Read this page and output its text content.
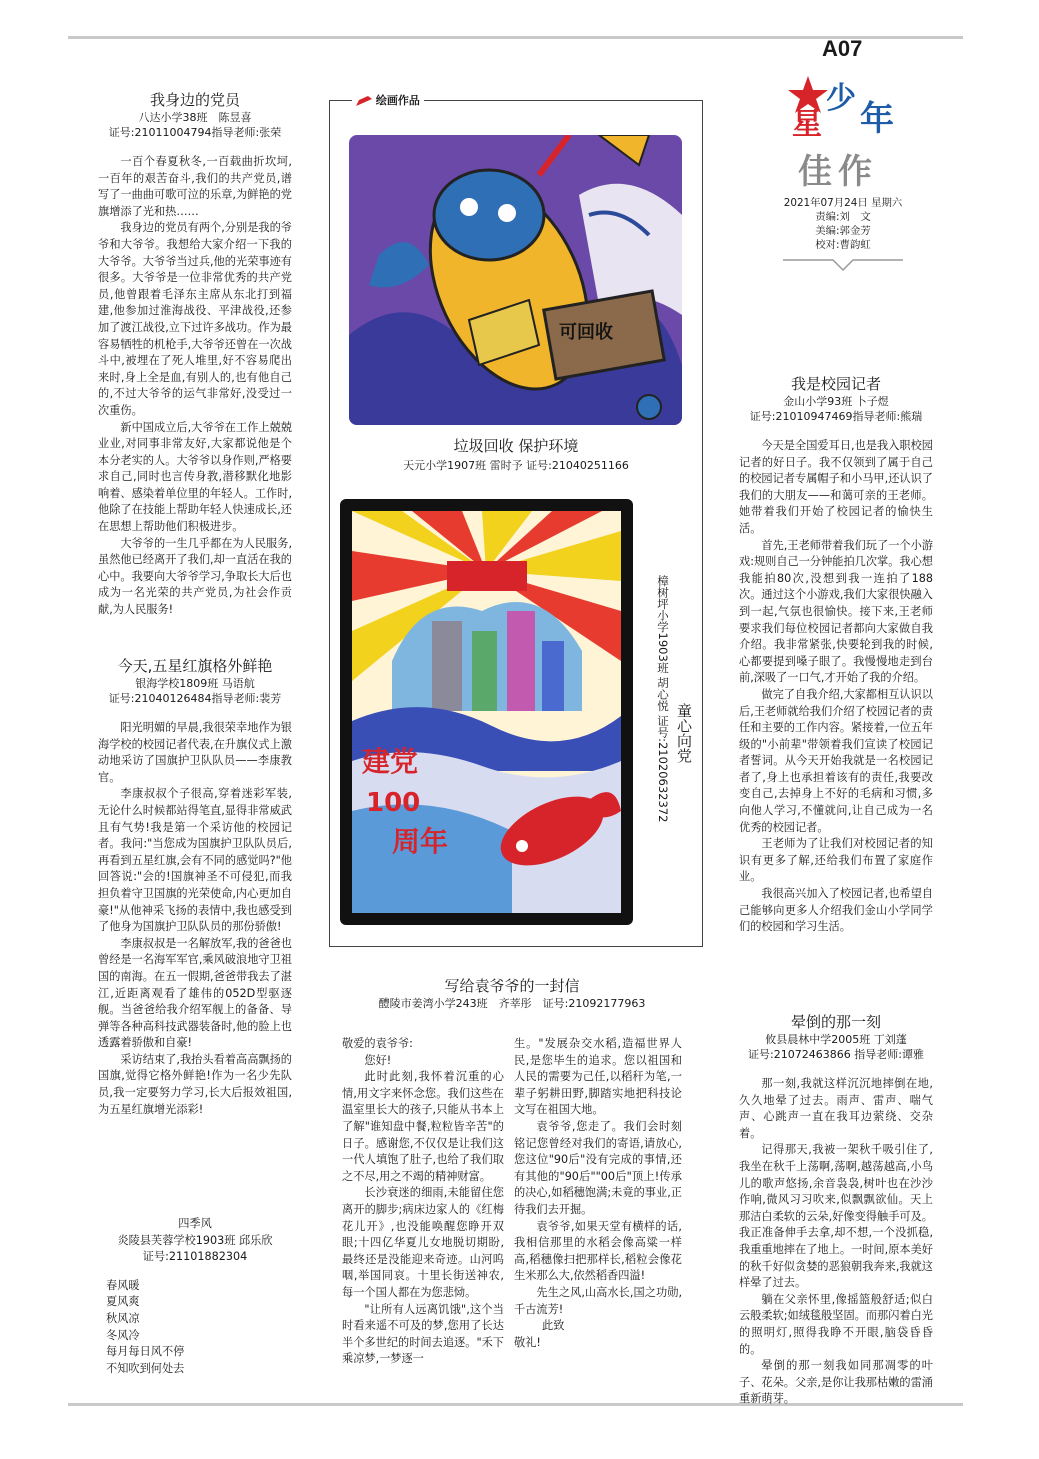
A07
少
年
星
佳作
2021年07月24日 星期六
责编:刘　文
美编:郭金芳
校对:曹韵虹
我身边的党员
八达小学38班　陈昱喜
证号:21011004794指导老师:张荣

一百个春夏秋冬,一百载曲折坎坷,一百年的艰苦奋斗,我们的共产党员,谱写了一曲曲可歌可泣的乐章,为鲜艳的党旗增添了光和热……

我身边的党员有两个,分别是我的爷爷和大爷爷。我想给大家介绍一下我的大爷爷。大爷爷当过兵,他的光荣事迹有很多。大爷爷是一位非常优秀的共产党员,他曾跟着毛泽东主席从东北打到福建,他参加过淮海战役、平津战役,还参加了渡江战役,立下过许多战功。作为最容易牺牲的机枪手,大爷爷还曾在一次战斗中,被埋在了死人堆里,好不容易爬出来时,身上全是血,有别人的,也有他自己的,不过大爷爷的运气非常好,没受过一次重伤。

新中国成立后,大爷爷在工作上兢兢业业,对同事非常友好,大家都说他是个本分老实的人。大爷爷以身作则,严格要求自己,同时也言传身教,潜移默化地影响着、感染着单位里的年轻人。工作时,他除了在技能上帮助年轻人快速成长,还在思想上帮助他们积极进步。

大爷爷的一生几乎都在为人民服务,虽然他已经离开了我们,却一直活在我的心中。我要向大爷爷学习,争取长大后也成为一名光荣的共产党员,为社会作贡献,为人民服务!

今天,五星红旗格外鲜艳
银海学校1809班 马语航
证号:21040126484指导老师:裴芳

阳光明媚的早晨,我很荣幸地作为银海学校的校园记者代表,在升旗仪式上激动地采访了国旗护卫队队员——李康教官。

李康叔叔个子很高,穿着迷彩军装,无论什么时候都站得笔直,显得非常威武且有气势!我是第一个采访他的校园记者。我问:"当您成为国旗护卫队队员后,再看到五星红旗,会有不同的感觉吗?"他回答说:"会的!国旗神圣不可侵犯,而我担负着守卫国旗的光荣使命,内心更加自豪!"从他神采飞扬的表情中,我也感受到了他身为国旗护卫队队员的那份骄傲!

李康叔叔是一名解放军,我的爸爸也曾经是一名海军军官,乘风破浪地守卫祖国的南海。在五一假期,爸爸带我去了湛江,近距离观看了雄伟的052D型驱逐舰。当爸爸给我介绍军舰上的备备、导弹等各种高科技武器装备时,他的脸上也透露着骄傲和自豪!

采访结束了,我抬头看着高高飘扬的国旗,觉得它格外鲜艳!作为一名少先队员,我一定要努力学习,长大后报效祖国,为五星红旗增光添彩!

四季风
炎陵县芙蓉学校1903班 邱乐欣
证号:21101882304
春风暖
夏风爽
秋风凉
冬风冷
每月每日风不停
不知吹到何处去
绘画作品
可回收
垃圾回收 保护环境
天元小学1907班 雷时予 证号:21040251166
建党
100
周年
童心向党
樟树坪小学1903班 胡心悦 证号:21020632372
我是校园记者
金山小学93班 卜子煜
证号:21010947469指导老师:熊瑞

今天是全国爱耳日,也是我入职校园记者的好日子。我不仅领到了属于自己的校园记者专属帽子和小马甲,还认识了我们的大朋友——和蔼可亲的王老师。她带着我们开始了校园记者的愉快生活。

首先,王老师带着我们玩了一个小游戏:规则自己一分钟能拍几次掌。我心想我能拍80次,没想到我一连拍了188次。通过这个小游戏,我们大家很快融入到一起,气氛也很愉快。接下来,王老师要求我们每位校园记者都向大家做自我介绍。我非常紧张,快要轮到我的时候,心都要提到嗓子眼了。我慢慢地走到台前,深吸了一口气,才开始了我的介绍。

做完了自我介绍,大家都相互认识以后,王老师就给我们介绍了校园记者的责任和主要的工作内容。紧接着,一位五年级的"小前辈"带领着我们宣读了校园记者誓词。从今天开始我就是一名校园记者了,身上也承担着该有的责任,我要改变自己,去掉身上不好的毛病和习惯,多向他人学习,不懂就问,让自己成为一名优秀的校园记者。

王老师为了让我们对校园记者的知识有更多了解,还给我们布置了家庭作业。

我很高兴加入了校园记者,也希望自己能够向更多人介绍我们金山小学同学们的校园和学习生活。

写给袁爷爷的一封信
醴陵市姜湾小学243班　齐莘彤　 证号:21092177963
敬爱的袁爷爷:

您好!

此时此刻,我怀着沉重的心情,用文字来怀念您。我们这些在温室里长大的孩子,只能从书本上了解"谁知盘中餐,粒粒皆辛苦"的日子。感谢您,不仅仅是让我们这一代人填饱了肚子,也给了我们取之不尽,用之不竭的精神财富。

长沙衰迷的细雨,未能留住您离开的脚步;病床边家人的《红梅花儿开》,也没能唤醒您睁开双眼;十四亿华夏儿女地脱切期盼,最终还是没能迎来奇迹。山河呜咽,举国同哀。十里长街送神农,每一个国人都在为您悲恸。

"让所有人远离饥饿",这个当时看来遥不可及的梦,您用了长达半个多世纪的时间去追逐。"禾下乘凉梦,一梦逐一

生。"发展杂交水稻,造福世界人民,是您毕生的追求。您以祖国和人民的需要为己任,以稻秆为笔,一辈子躬耕田野,脚踏实地把科技论文写在祖国大地。

袁爷爷,您走了。我们会时刻铭记您曾经对我们的寄语,请放心,您这位"90后"没有完成的事情,还有其他的"90后""00后"顶上!传承的决心,如稻穗饱满;未竟的事业,正待我们去开掘。

袁爷爷,如果天堂有横样的话,我相信那里的水稻会像高粱一样高,稻穗像扫把那样长,稻粒会像花生米那么大,依然稻香四溢!

先生之风,山高水长,国之功勋,千古流芳!

此致
敬礼!
晕倒的那一刻
攸县晨林中学2005班 丁刘蓬
证号:21072463866 指导老师:谭雅

那一刻,我就这样沉沉地摔倒在地,久久地晕了过去。雨声、雷声、喘气声、心跳声一直在我耳边萦绕、交杂着。

记得那天,我被一架秋千吸引住了,我坐在秋千上荡啊,荡啊,越荡越高,小鸟儿的歌声悠扬,余音袅袅,树叶也在沙沙作响,微风习习吹来,似飘飘欲仙。天上那洁白柔软的云朵,好像变得触手可及。我正准备伸手去拿,却不想,一个没抓稳,我重重地摔在了地上。一时间,原本美好的秋千好似贪婪的恶狼朝我奔来,我就这样晕了过去。

躺在父亲怀里,像摇篮般舒适;似白云般柔软;如绒毯般坚固。而那闪着白光的照明灯,照得我睁不开眼,脑袋昏昏的。

晕倒的那一刻我如同那凋零的叶子、花朵。父亲,是你让我那枯嫩的雷涌重新萌芽。
